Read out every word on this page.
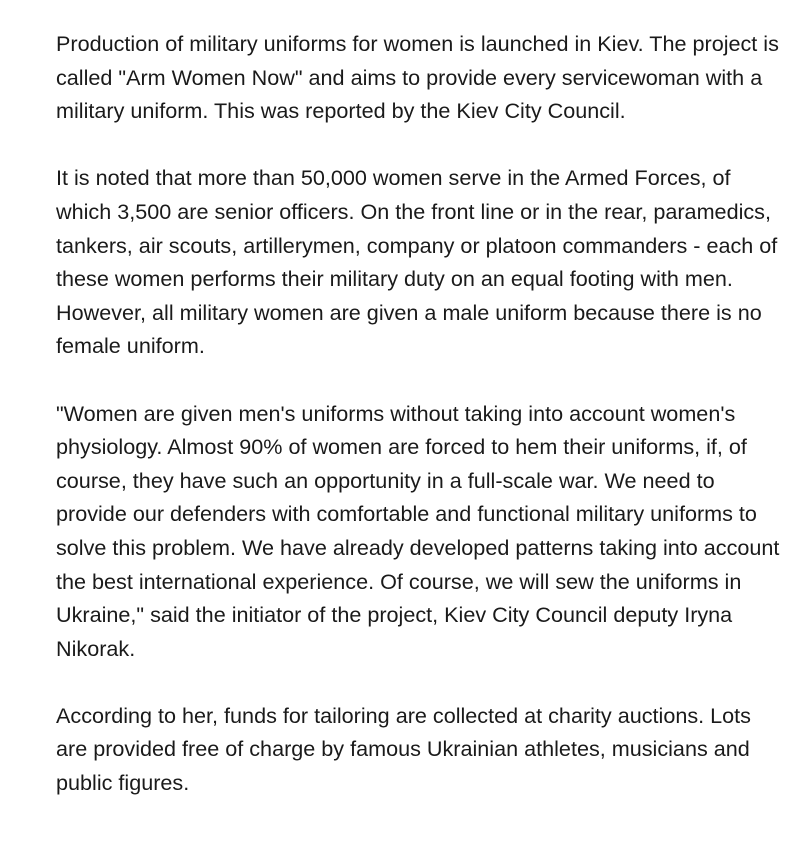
Production of military uniforms for women is launched in Kiev. The project is called "Arm Women Now" and aims to provide every servicewoman with a military uniform. This was reported by the Kiev City Council.

It is noted that more than 50,000 women serve in the Armed Forces, of which 3,500 are senior officers. On the front line or in the rear, paramedics, tankers, air scouts, artillerymen, company or platoon commanders - each of these women performs their military duty on an equal footing with men. However, all military women are given a male uniform because there is no female uniform.

"Women are given men's uniforms without taking into account women's physiology. Almost 90% of women are forced to hem their uniforms, if, of course, they have such an opportunity in a full-scale war. We need to provide our defenders with comfortable and functional military uniforms to solve this problem. We have already developed patterns taking into account the best international experience. Of course, we will sew the uniforms in Ukraine," said the initiator of the project, Kiev City Council deputy Iryna Nikorak.

According to her, funds for tailoring are collected at charity auctions. Lots are provided free of charge by famous Ukrainian athletes, musicians and public figures.
